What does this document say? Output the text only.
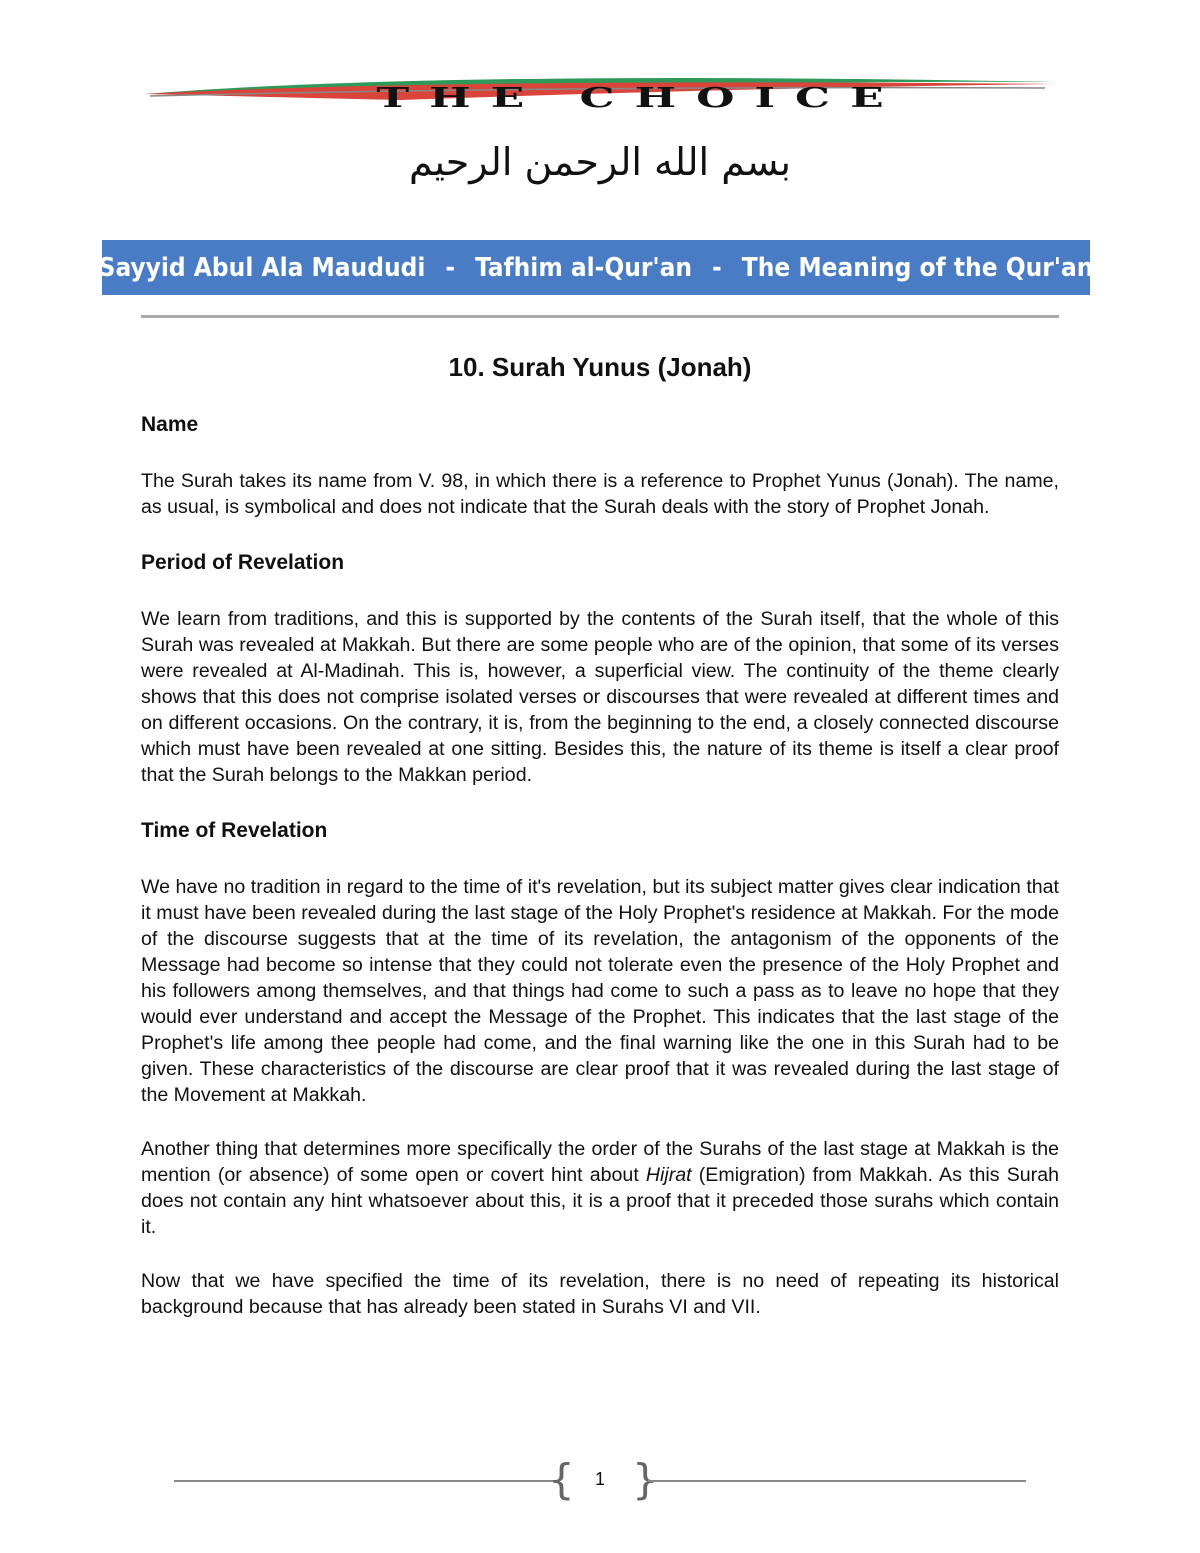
THE CHOICE
بسم الله الرحمن الرحيم
Sayyid Abul Ala Maududi - Tafhim al-Qur'an - The Meaning of the Qur'an
10. Surah Yunus (Jonah)
Name

The Surah takes its name from V. 98, in which there is a reference to Prophet Yunus (Jonah). The name, as usual, is symbolical and does not indicate that the Surah deals with the story of Prophet Jonah.

Period of Revelation

We learn from traditions, and this is supported by the contents of the Surah itself, that the whole of this Surah was revealed at Makkah. But there are some people who are of the opinion, that some of its verses were revealed at Al-Madinah. This is, however, a superficial view. The continuity of the theme clearly shows that this does not comprise isolated verses or discourses that were revealed at different times and on different occasions. On the contrary, it is, from the beginning to the end, a closely connected discourse which must have been revealed at one sitting. Besides this, the nature of its theme is itself a clear proof that the Surah belongs to the Makkan period.

Time of Revelation

We have no tradition in regard to the time of it's revelation, but its subject matter gives clear indication that it must have been revealed during the last stage of the Holy Prophet's residence at Makkah. For the mode of the discourse suggests that at the time of its revelation, the antagonism of the opponents of the Message had become so intense that they could not tolerate even the presence of the Holy Prophet and his followers among themselves, and that things had come to such a pass as to leave no hope that they would ever understand and accept the Message of the Prophet. This indicates that the last stage of the Prophet's life among thee people had come, and the final warning like the one in this Surah had to be given. These characteristics of the discourse are clear proof that it was revealed during the last stage of the Movement at Makkah.

Another thing that determines more specifically the order of the Surahs of the last stage at Makkah is the mention (or absence) of some open or covert hint about Hijrat (Emigration) from Makkah. As this Surah does not contain any hint whatsoever about this, it is a proof that it preceded those surahs which contain it.

Now that we have specified the time of its revelation, there is no need of repeating its historical background because that has already been stated in Surahs VI and VII.

{ 1 }
